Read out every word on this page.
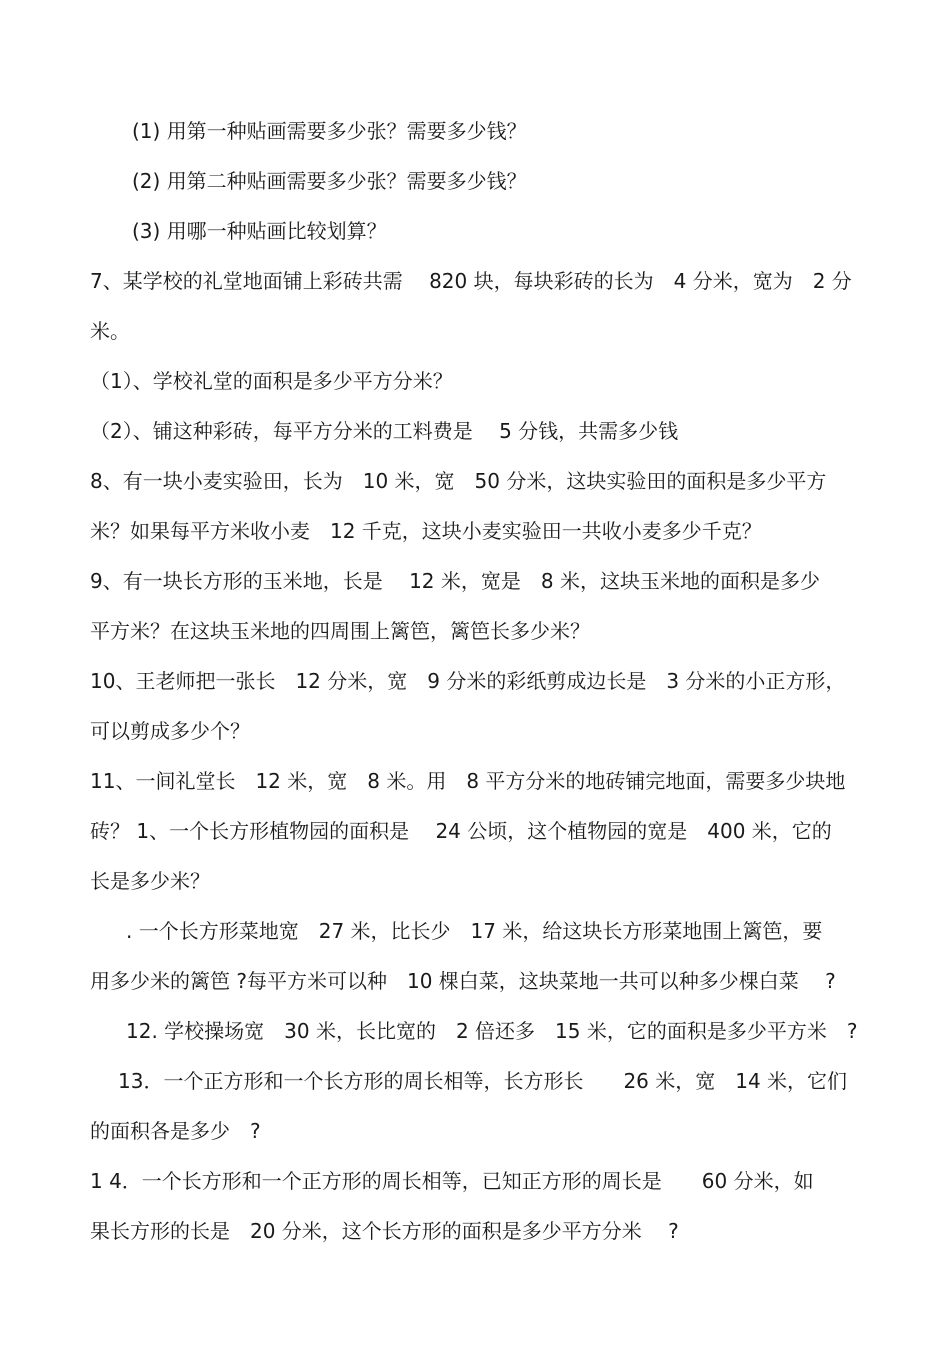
(1) 用第一种贴画需要多少张？需要多少钱？
(2) 用第二种贴画需要多少张？需要多少钱？
(3) 用哪一种贴画比较划算？
7、某学校的礼堂地面铺上彩砖共需　 820 块，每块彩砖的长为　4 分米，宽为　2 分
米。
（1）、学校礼堂的面积是多少平方分米？
（2）、铺这种彩砖，每平方分米的工料费是　 5 分钱，共需多少钱
8、有一块小麦实验田，长为　10 米，宽　50 分米，这块实验田的面积是多少平方
米？如果每平方米收小麦　12 千克，这块小麦实验田一共收小麦多少千克？
9、有一块长方形的玉米地，长是　 12 米，宽是　8 米，这块玉米地的面积是多少
平方米？在这块玉米地的四周围上篱笆，篱笆长多少米？
10、王老师把一张长　12 分米，宽　9 分米的彩纸剪成边长是　3 分米的小正方形，
可以剪成多少个？
11、一间礼堂长　12 米，宽　8 米。用　8 平方分米的地砖铺完地面，需要多少块地
砖？ 1、一个长方形植物园的面积是　 24 公顷，这个植物园的宽是　400 米，它的
长是多少米？
. 一个长方形菜地宽　27 米，比长少　17 米，给这块长方形菜地围上篱笆，要
用多少米的篱笆 ?每平方米可以种　10 棵白菜，这块菜地一共可以种多少棵白菜　 ?
12. 学校操场宽　30 米，长比宽的　2 倍还多　15 米，它的面积是多少平方米　?
13．一个正方形和一个长方形的周长相等，长方形长　　26 米，宽　14 米，它们
的面积各是多少　?
1 4．一个长方形和一个正方形的周长相等，已知正方形的周长是　　60 分米，如
果长方形的长是　20 分米，这个长方形的面积是多少平方分米　 ?
